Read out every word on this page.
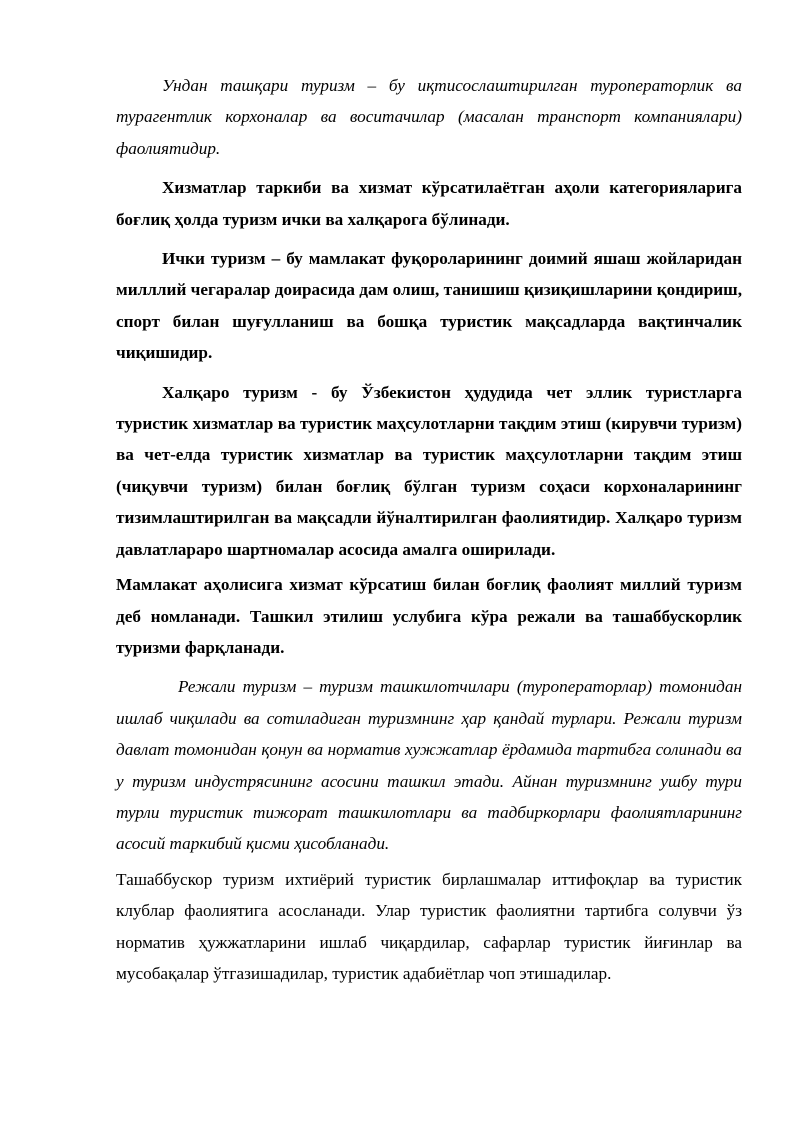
Ундан ташқари туризм – бу иқтисослаштирилган туроператорлик ва турагентлик корхоналар ва воситачилар (масалан транспорт компаниялари) фаолиятидир.

Хизматлар таркиби ва хизмат кўрсатилаётган аҳоли категорияларига боғлиқ ҳолда туризм ички ва халқарога бўлинади.

Ички туризм – бу мамлакат фуқороларининг доимий яшаш жойларидан милллий чегаралар доирасида дам олиш, танишиш қизиқишларини қондириш, спорт билан шуғулланиш ва бошқа туристик мақсадларда вақтинчалик чиқишидир.

Халқаро туризм - бу Ўзбекистон ҳудудида чет эллик туристларга туристик хизматлар ва туристик маҳсулотларни тақдим этиш (кирувчи туризм) ва чет-елда туристик хизматлар ва туристик маҳсулотларни тақдим этиш (чиқувчи туризм) билан боғлиқ бўлган туризм соҳаси корхоналарининг тизимлаштирилган ва мақсадли йўналтирилган фаолиятидир. Халқаро туризм давлатлараро шартномалар асосида амалга оширилади.

Мамлакат аҳолисига хизмат кўрсатиш билан боғлиқ фаолият миллий туризм деб номланади. Ташкил этилиш услубига кўра режали ва ташаббускорлик туризми фарқланади.

Режали туризм – туризм ташкилотчилари (туроператорлар) томонидан ишлаб чиқилади ва сотиладиган туризмнинг ҳар қандай турлари. Режали туризм давлат томонидан қонун ва норматив хужжатлар ёрдамида тартибга солинади ва у туризм индустрясининг асосини ташкил этади. Айнан туризмнинг ушбу тури турли туристик тижорат ташкилотлари ва тадбиркорлари фаолиятларининг асосий таркибий қисми ҳисобланади.

Ташаббускор туризм ихтиёрий туристик бирлашмалар иттифоқлар ва туристик клублар фаолиятига асосланади. Улар туристик фаолиятни тартибга солувчи ўз норматив ҳужжатларини ишлаб чиқардилар, сафарлар туристик йиғинлар ва мусобақалар ўтгазишадилар, туристик адабиётлар чоп этишадилар.
